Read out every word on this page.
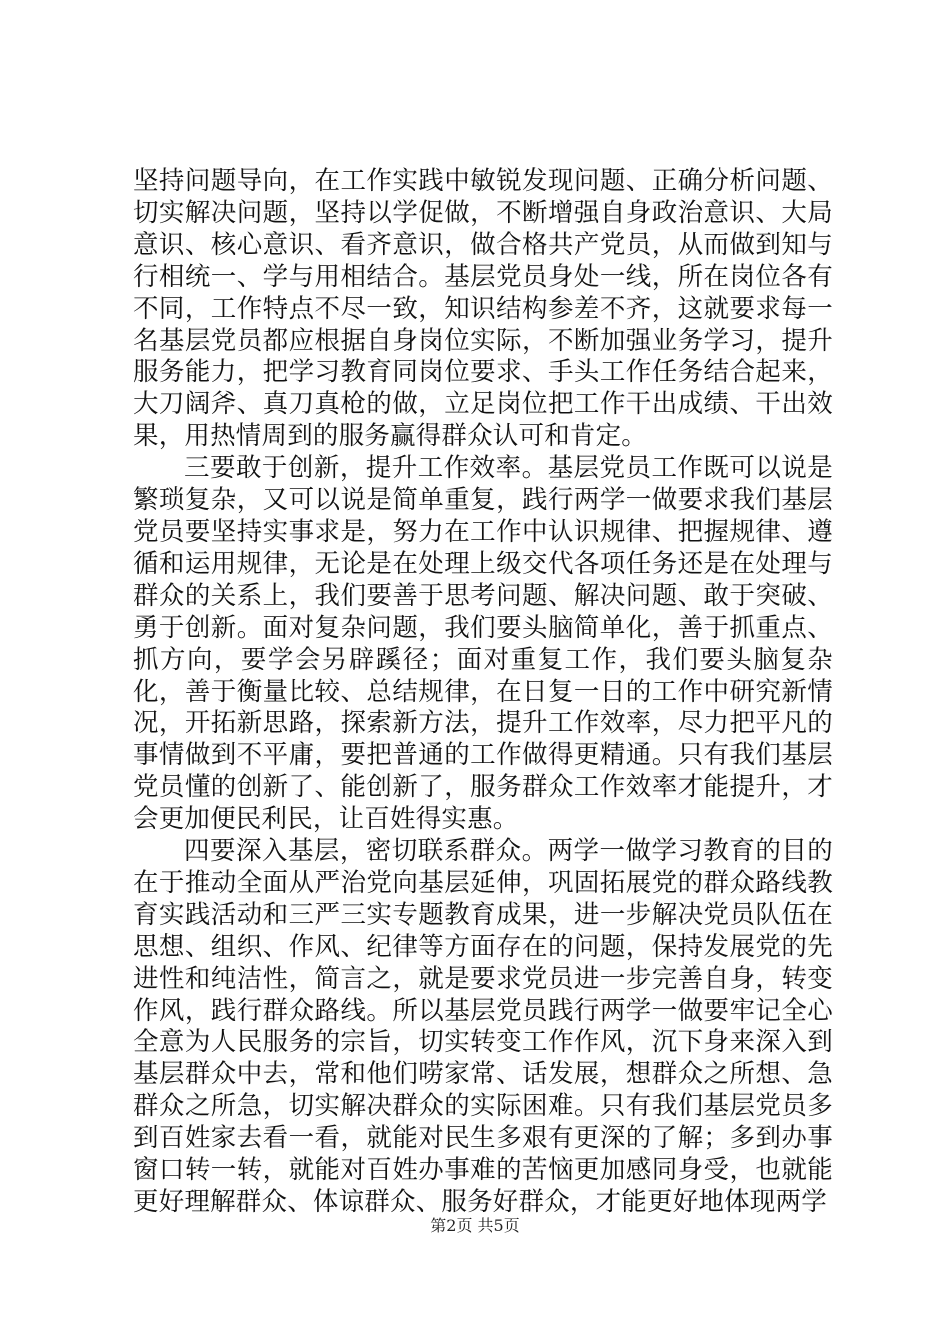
坚持问题导向，在工作实践中敏锐发现问题、正确分析问题、切实解决问题，坚持以学促做，不断增强自身政治意识、大局意识、核心意识、看齐意识，做合格共产党员，从而做到知与行相统一、学与用相结合。基层党员身处一线，所在岗位各有不同，工作特点不尽一致，知识结构参差不齐，这就要求每一名基层党员都应根据自身岗位实际，不断加强业务学习，提升服务能力，把学习教育同岗位要求、手头工作任务结合起来，大刀阔斧、真刀真枪的做，立足岗位把工作干出成绩、干出效果，用热情周到的服务赢得群众认可和肯定。

三要敢于创新，提升工作效率。基层党员工作既可以说是繁琐复杂，又可以说是简单重复，践行两学一做要求我们基层党员要坚持实事求是，努力在工作中认识规律、把握规律、遵循和运用规律，无论是在处理上级交代各项任务还是在处理与群众的关系上，我们要善于思考问题、解决问题、敢于突破、勇于创新。面对复杂问题，我们要头脑简单化，善于抓重点、抓方向，要学会另辟蹊径；面对重复工作，我们要头脑复杂化，善于衡量比较、总结规律，在日复一日的工作中研究新情况，开拓新思路，探索新方法，提升工作效率，尽力把平凡的事情做到不平庸，要把普通的工作做得更精通。只有我们基层党员懂的创新了、能创新了，服务群众工作效率才能提升，才会更加便民利民，让百姓得实惠。

四要深入基层，密切联系群众。两学一做学习教育的目的在于推动全面从严治党向基层延伸，巩固拓展党的群众路线教育实践活动和三严三实专题教育成果，进一步解决党员队伍在思想、组织、作风、纪律等方面存在的问题，保持发展党的先进性和纯洁性，简言之，就是要求党员进一步完善自身，转变作风，践行群众路线。所以基层党员践行两学一做要牢记全心全意为人民服务的宗旨，切实转变工作作风，沉下身来深入到基层群众中去，常和他们唠家常、话发展，想群众之所想、急群众之所急，切实解决群众的实际困难。只有我们基层党员多到百姓家去看一看，就能对民生多艰有更深的了解；多到办事窗口转一转，就能对百姓办事难的苦恼更加感同身受，也就能更好理解群众、体谅群众、服务好群众，才能更好地体现两学

第2页 共5页
